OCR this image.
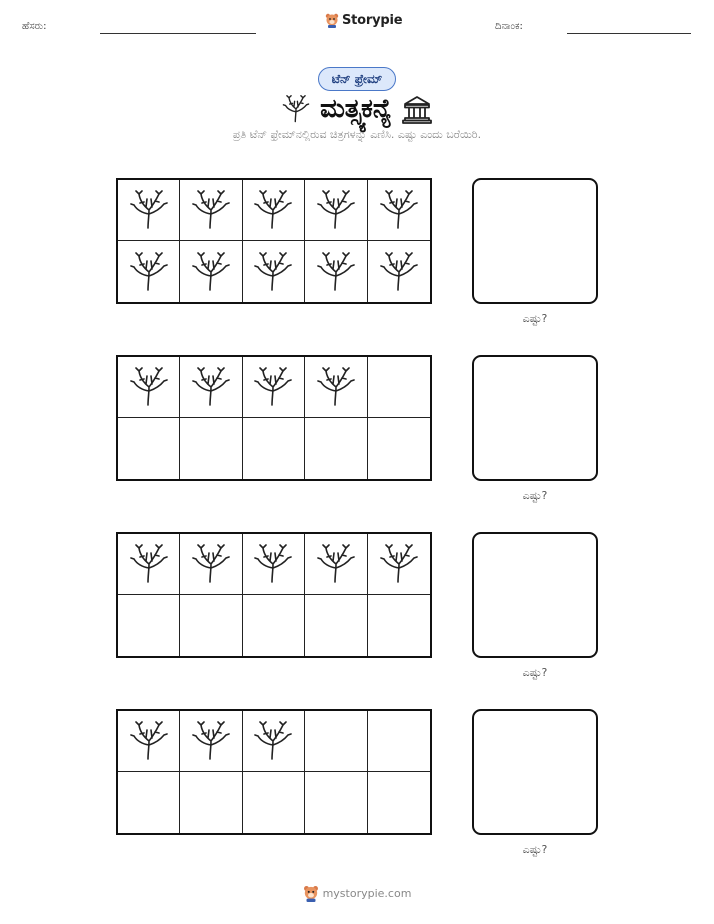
ಹೆಸರು:	Storypie	ದಿನಾಂಕ:
ಟೆನ್ ಫ್ರೇಮ್
ಮತ್ಸ್ಯಕನ್ಯೆ
ಪ್ರತಿ ಟೆನ್ ಫ್ರೇಮ್‌ನಲ್ಲಿರುವ ಚಿತ್ರಗಳನ್ನು ಎಣಿಸಿ. ಎಷ್ಟು ಎಂದು ಬರೆಯಿರಿ.
ಎಷ್ಟು?
ಎಷ್ಟು?
ಎಷ್ಟು?
ಎಷ್ಟು?
mystorypie.com
